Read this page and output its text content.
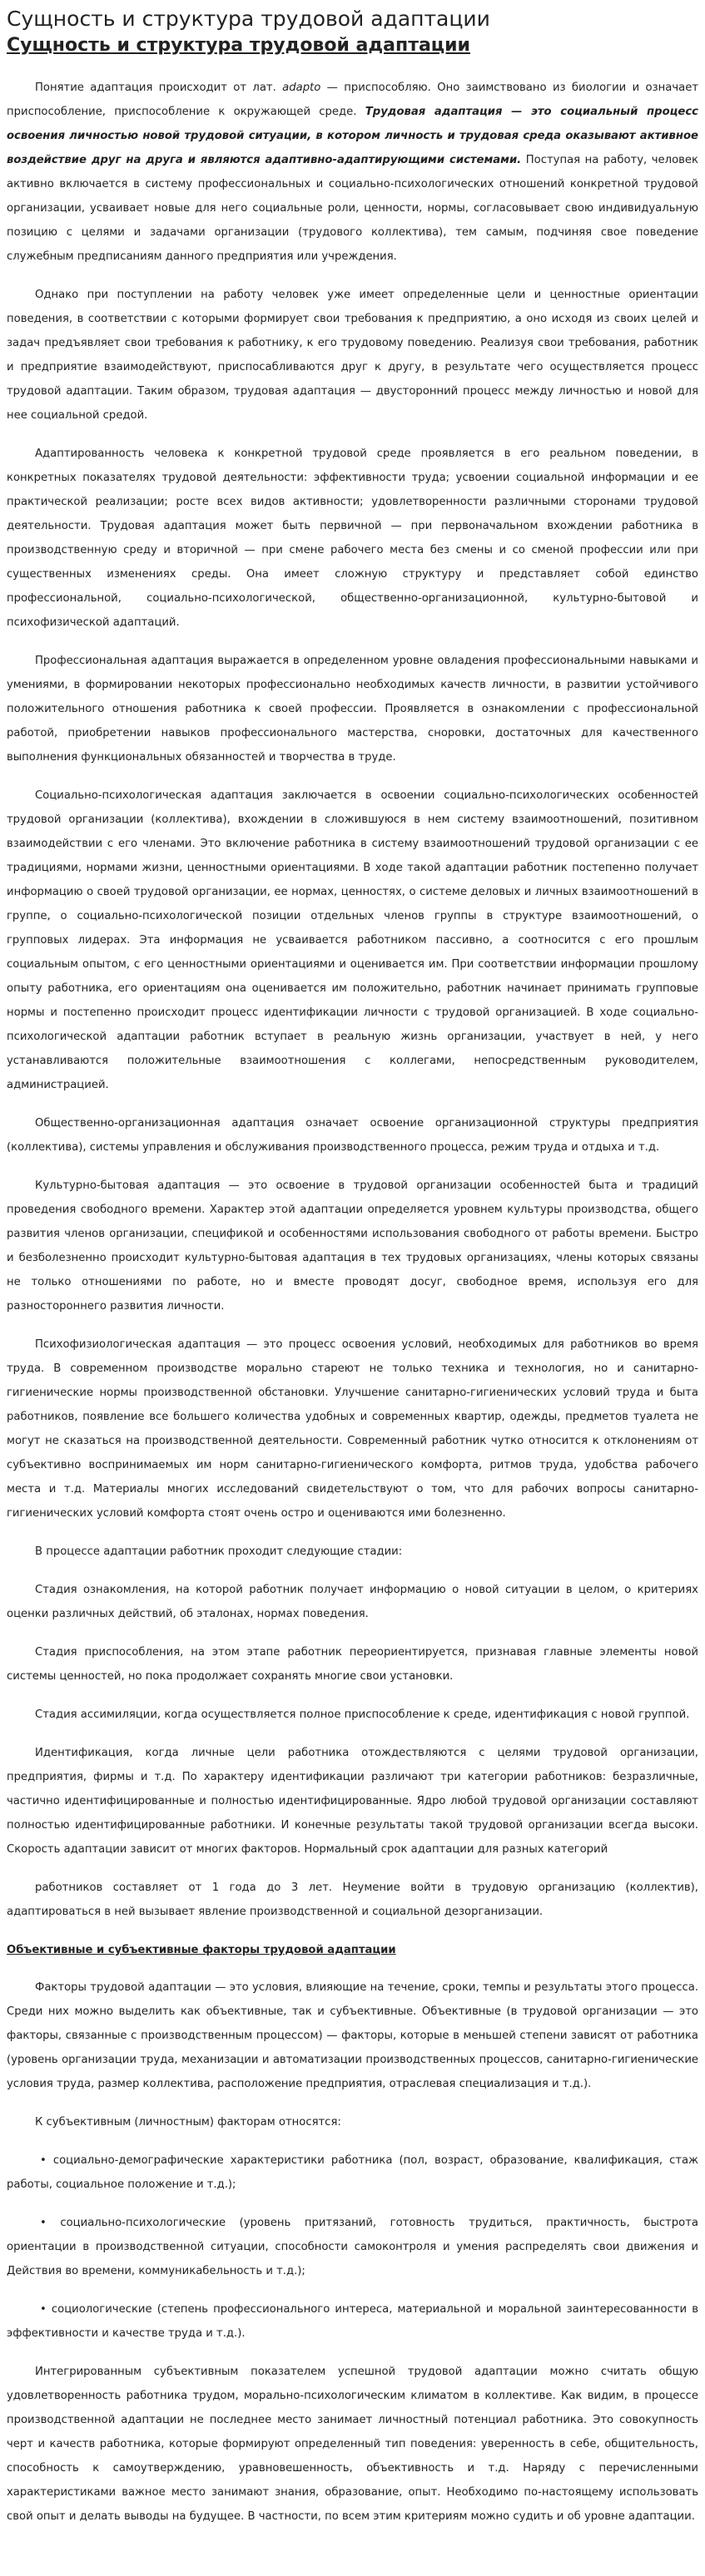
Сущность и структура трудовой адаптации
Сущность и структура трудовой адаптации

Понятие адаптация происходит от лат. adapto — приспособляю. Оно заимствовано из биологии и означает приспособление, приспособление к окружающей среде. Трудовая адаптация — это социальный процесс освоения личностью новой трудовой ситуации, в котором личность и трудовая среда оказывают активное воздействие друг на друга и являются адаптивно-адаптирующими системами. Поступая на работу, человек активно включается в систему профессиональных и социально-психологических отношений конкретной трудовой организации, усваивает новые для него социальные роли, ценности, нормы, согласовывает свою индивидуальную позицию с целями и задачами организации (трудового коллектива), тем самым, подчиняя свое поведение служебным предписаниям данного предприятия или учреждения.

Однако при поступлении на работу человек уже имеет определенные цели и ценностные ориентации поведения, в соответствии с которыми формирует свои требования к предприятию, а оно исходя из своих целей и задач предъявляет свои требования к работнику, к его трудовому поведению. Реализуя свои требования, работник и предприятие взаимодействуют, приспосабливаются друг к другу, в результате чего осуществляется процесс трудовой адаптации. Таким образом, трудовая адаптация — двусторонний процесс между личностью и новой для нее социальной средой.

Адаптированность человека к конкретной трудовой среде проявляется в его реальном поведении, в конкретных показателях трудовой деятельности: эффективности труда; усвоении социальной информации и ее практической реализации; росте всех видов активности; удовлетворенности различными сторонами трудовой деятельности. Трудовая адаптация может быть первичной — при первоначальном вхождении работника в производственную среду и вторичной — при смене рабочего места без смены и со сменой профессии или при существенных изменениях среды. Она имеет сложную структуру и представляет собой единство профессиональной, социально-психологической, общественно-организационной, культурно-бытовой и психофизической адаптаций.

Профессиональная адаптация выражается в определенном уровне овладения профессиональными навыками и умениями, в формировании некоторых профессионально необходимых качеств личности, в развитии устойчивого положительного отношения работника к своей профессии. Проявляется в ознакомлении с профессиональной работой, приобретении навыков профессионального мастерства, сноровки, достаточных для качественного выполнения функциональных обязанностей и творчества в труде.

Социально-психологическая адаптация заключается в освоении социально-психологических особенностей трудовой организации (коллектива), вхождении в сложившуюся в нем систему взаимоотношений, позитивном взаимодействии с его членами. Это включение работника в систему взаимоотношений трудовой организации с ее традициями, нормами жизни, ценностными ориентациями. В ходе такой адаптации работник постепенно получает информацию о своей трудовой организации, ее нормах, ценностях, о системе деловых и личных взаимоотношений в группе, о социально-психологической позиции отдельных членов группы в структуре взаимоотношений, о групповых лидерах. Эта информация не усваивается работником пассивно, а соотносится с его прошлым социальным опытом, с его ценностными ориентациями и оценивается им. При соответствии информации прошлому опыту работника, его ориентациям она оценивается им положительно, работник начинает принимать групповые нормы и постепенно происходит процесс идентификации личности с трудовой организацией. В ходе социально-психологической адаптации работник вступает в реальную жизнь организации, участвует в ней, у него устанавливаются положительные взаимоотношения с коллегами, непосредственным руководителем, администрацией.

Общественно-организационная адаптация означает освоение организационной структуры предприятия (коллектива), системы управления и обслуживания производственного процесса, режим труда и отдыха и т.д.

Культурно-бытовая адаптация — это освоение в трудовой организации особенностей быта и традиций проведения свободного времени. Характер этой адаптации определяется уровнем культуры производства, общего развития членов организации, спецификой и особенностями использования свободного от работы времени. Быстро и безболезненно происходит культурно-бытовая адаптация в тех трудовых организациях, члены которых связаны не только отношениями по работе, но и вместе проводят досуг, свободное время, используя его для разностороннего развития личности.

Психофизиологическая адаптация — это процесс освоения условий, необходимых для работников во время труда. В современном производстве морально стареют не только техника и технология, но и санитарно-гигиенические нормы производственной обстановки. Улучшение санитарно-гигиенических условий труда и быта работников, появление все большего количества удобных и современных квартир, одежды, предметов туалета не могут не сказаться на производственной деятельности. Современный работник чутко относится к отклонениям от субъективно воспринимаемых им норм санитарно-гигиенического комфорта, ритмов труда, удобства рабочего места и т.д. Материалы многих исследований свидетельствуют о том, что для рабочих вопросы санитарно-гигиенических условий комфорта стоят очень остро и оцениваются ими болезненно.

В процессе адаптации работник проходит следующие стадии:

Стадия ознакомления, на которой работник получает информацию о новой ситуации в целом, о критериях оценки различных действий, об эталонах, нормах поведения.

Стадия приспособления, на этом этапе работник переориентируется, признавая главные элементы новой системы ценностей, но пока продолжает сохранять многие свои установки.

Стадия ассимиляции, когда осуществляется полное приспособление к среде, идентификация с новой группой.

Идентификация, когда личные цели работника отождествляются с целями трудовой организации, предприятия, фирмы и т.д. По характеру идентификации различают три категории работников: безразличные, частично идентифицированные и полностью идентифицированные. Ядро любой трудовой организации составляют полностью идентифицированные работники. И конечные результаты такой трудовой организации всегда высоки. Скорость адаптации зависит от многих факторов. Нормальный срок адаптации для разных категорий

работников составляет от 1 года до 3 лет. Неумение войти в трудовую организацию (коллектив), адаптироваться в ней вызывает явление производственной и социальной дезорганизации.

Объективные и субъективные факторы трудовой адаптации

Факторы трудовой адаптации — это условия, влияющие на течение, сроки, темпы и результаты этого процесса. Среди них можно выделить как объективные, так и субъективные. Объективные (в трудовой организации — это факторы, связанные с производственным процессом) — факторы, которые в меньшей степени зависят от работника (уровень организации труда, механизации и автоматизации производственных процессов, санитарно-гигиенические условия труда, размер коллектива, расположение предприятия, отраслевая специализация и т.д.).

К субъективным (личностным) факторам относятся:

• социально-демографические характеристики работника (пол, возраст, образование, квалификация, стаж работы, социальное положение и т.д.);

• социально-психологические (уровень притязаний, готовность трудиться, практичность, быстрота ориентации в производственной ситуации, способности самоконтроля и умения распределять свои движения и Действия во времени, коммуникабельность и т.д.);

• социологические (степень профессионального интереса, материальной и моральной заинтересованности в эффективности и качестве труда и т.д.).

Интегрированным субъективным показателем успешной трудовой адаптации можно считать общую удовлетворенность работника трудом, морально-психологическим климатом в коллективе. Как видим, в процессе производственной адаптации не последнее место занимает личностный потенциал работника. Это совокупность черт и качеств работника, которые формируют определенный тип поведения: уверенность в себе, общительность, способность к самоутверждению, уравновешенность, объективность и т.д. Наряду с перечисленными характеристиками важное место занимают знания, образование, опыт. Необходимо по-настоящему использовать свой опыт и делать выводы на будущее. В частности, по всем этим критериям можно судить и об уровне адаптации.
